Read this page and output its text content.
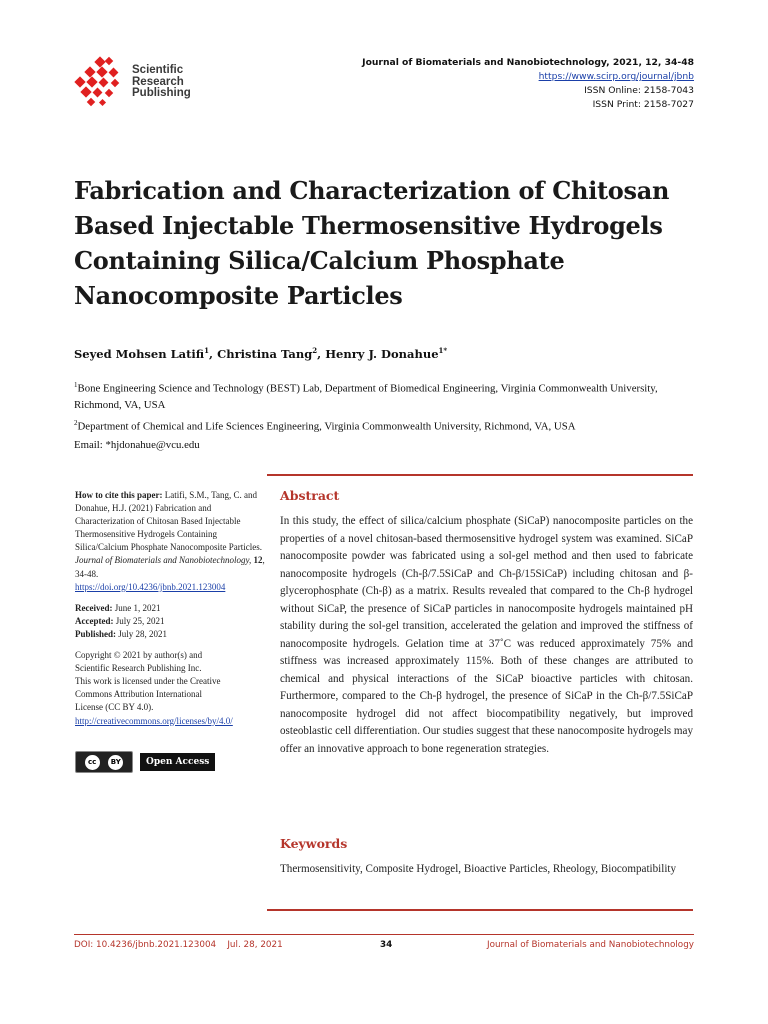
Scientific
Research
Publishing
Journal of Biomaterials and Nanobiotechnology, 2021, 12, 34-48
https://www.scirp.org/journal/jbnb
ISSN Online: 2158-7043
ISSN Print: 2158-7027
Fabrication and Characterization of Chitosan
Based Injectable Thermosensitive Hydrogels
Containing Silica/Calcium Phosphate
Nanocomposite Particles
Seyed Mohsen Latifi$^1$, Christina Tang$^2$, Henry J. Donahue$^{1*}$

$^1$Bone Engineering Science and Technology (BEST) Lab, Department of Biomedical Engineering, Virginia Commonwealth University, Richmond, VA, USA

$^2$Department of Chemical and Life Sciences Engineering, Virginia Commonwealth University, Richmond, VA, USA

Email: *hjdonahue@vcu.edu

How to cite this paper: Latifi, S.M., Tang, C. and Donahue, H.J. (2021) Fabrication and Characterization of Chitosan Based Injectable Thermosensitive Hydrogels Containing Silica/Calcium Phosphate Nanocomposite Particles. Journal of Biomaterials and Nanobiotechnology, 12, 34-48.
https://doi.org/10.4236/jbnb.2021.123004

Received: June 1, 2021
Accepted: July 25, 2021
Published: July 28, 2021

Copyright © 2021 by author(s) and
Scientific Research Publishing Inc.
This work is licensed under the Creative
Commons Attribution International
License (CC BY 4.0).
http://creativecommons.org/licenses/by/4.0/

cc	BY	Open Access
Abstract

In this study, the effect of silica/calcium phosphate (SiCaP) nanocomposite particles on the properties of a novel chitosan-based thermosensitive hydrogel system was examined. SiCaP nanocomposite powder was fabricated using a sol-gel method and then used to fabricate nanocomposite hydrogels (Ch-β/7.5SiCaP and Ch-β/15SiCaP) including chitosan and β-glycerophosphate (Ch-β) as a matrix. Results revealed that compared to the Ch-β hydrogel without SiCaP, the presence of SiCaP particles in nanocomposite hydrogels maintained pH stability during the sol-gel transition, accelerated the gelation and improved the stiffness of nanocomposite hydrogels. Gelation time at 37˚C was reduced approximately 75% and stiffness was increased approximately 115%. Both of these changes are attributed to chemical and physical interactions of the SiCaP bioactive particles with chitosan. Furthermore, compared to the Ch-β hydrogel, the presence of SiCaP in the Ch-β/7.5SiCaP nanocomposite hydrogel did not affect biocompatibility negatively, but improved osteoblastic cell differentiation. Our studies suggest that these nanocomposite hydrogels may offer an innovative approach to bone regeneration strategies.

Keywords

Thermosensitivity, Composite Hydrogel, Bioactive Particles, Rheology, Biocompatibility

DOI: 10.4236/jbnb.2021.123004    Jul. 28, 2021	34	Journal of Biomaterials and Nanobiotechnology
